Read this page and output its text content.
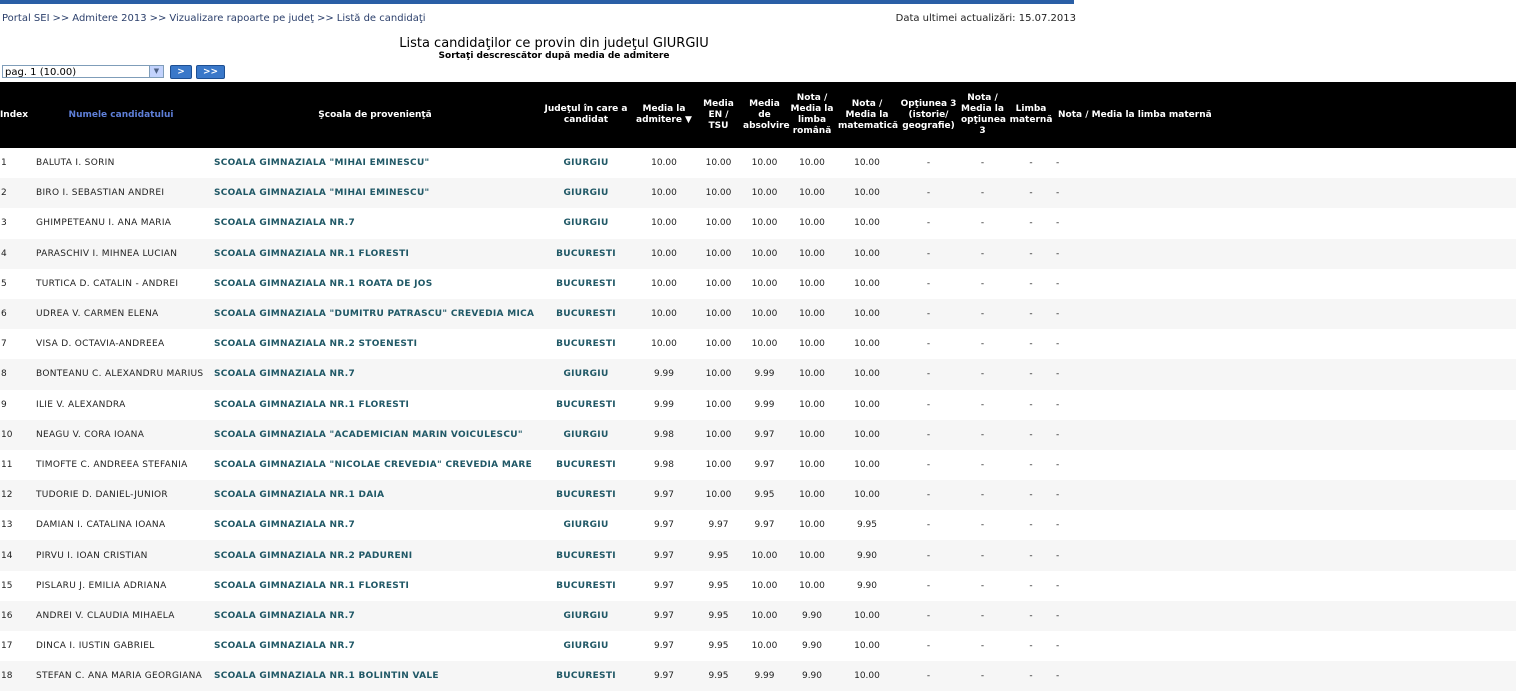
Portal SEI >> Admitere 2013 >> Vizualizare rapoarte pe judeţ >> Listă de candidaţi	Data ultimei actualizări: 15.07.2013
Lista candidaţilor ce provin din judeţul GIURGIU
Sortaţi descrescător după media de admitere
pag. 1 (10.00)	▼	>	>>
Index	Numele candidatului	Şcoala de provenienţă	Judeţul în care a candidat	Media la admitere ▼	Media EN / TSU	Media de absolvire	Nota / Media la limba română	Nota / Media la matematică	Opţiunea 3 (istorie/ geografie)	Nota / Media la opţiunea 3	Limba maternă	Nota / Media la limba maternă
1	BALUTA I. SORIN	SCOALA GIMNAZIALA "MIHAI EMINESCU"	GIURGIU	10.00	10.00	10.00	10.00	10.00	-	-	-	-
2	BIRO I. SEBASTIAN ANDREI	SCOALA GIMNAZIALA "MIHAI EMINESCU"	GIURGIU	10.00	10.00	10.00	10.00	10.00	-	-	-	-
3	GHIMPETEANU I. ANA MARIA	SCOALA GIMNAZIALA NR.7	GIURGIU	10.00	10.00	10.00	10.00	10.00	-	-	-	-
4	PARASCHIV I. MIHNEA LUCIAN	SCOALA GIMNAZIALA NR.1 FLORESTI	BUCURESTI	10.00	10.00	10.00	10.00	10.00	-	-	-	-
5	TURTICA D. CATALIN - ANDREI	SCOALA GIMNAZIALA NR.1 ROATA DE JOS	BUCURESTI	10.00	10.00	10.00	10.00	10.00	-	-	-	-
6	UDREA V. CARMEN ELENA	SCOALA GIMNAZIALA "DUMITRU PATRASCU" CREVEDIA MICA	BUCURESTI	10.00	10.00	10.00	10.00	10.00	-	-	-	-
7	VISA D. OCTAVIA-ANDREEA	SCOALA GIMNAZIALA NR.2 STOENESTI	BUCURESTI	10.00	10.00	10.00	10.00	10.00	-	-	-	-
8	BONTEANU C. ALEXANDRU MARIUS	SCOALA GIMNAZIALA NR.7	GIURGIU	9.99	10.00	9.99	10.00	10.00	-	-	-	-
9	ILIE V. ALEXANDRA	SCOALA GIMNAZIALA NR.1 FLORESTI	BUCURESTI	9.99	10.00	9.99	10.00	10.00	-	-	-	-
10	NEAGU V. CORA IOANA	SCOALA GIMNAZIALA "ACADEMICIAN MARIN VOICULESCU"	GIURGIU	9.98	10.00	9.97	10.00	10.00	-	-	-	-
11	TIMOFTE C. ANDREEA STEFANIA	SCOALA GIMNAZIALA "NICOLAE CREVEDIA" CREVEDIA MARE	BUCURESTI	9.98	10.00	9.97	10.00	10.00	-	-	-	-
12	TUDORIE D. DANIEL-JUNIOR	SCOALA GIMNAZIALA NR.1 DAIA	BUCURESTI	9.97	10.00	9.95	10.00	10.00	-	-	-	-
13	DAMIAN I. CATALINA IOANA	SCOALA GIMNAZIALA NR.7	GIURGIU	9.97	9.97	9.97	10.00	9.95	-	-	-	-
14	PIRVU I. IOAN CRISTIAN	SCOALA GIMNAZIALA NR.2 PADURENI	BUCURESTI	9.97	9.95	10.00	10.00	9.90	-	-	-	-
15	PISLARU J. EMILIA ADRIANA	SCOALA GIMNAZIALA NR.1 FLORESTI	BUCURESTI	9.97	9.95	10.00	10.00	9.90	-	-	-	-
16	ANDREI V. CLAUDIA MIHAELA	SCOALA GIMNAZIALA NR.7	GIURGIU	9.97	9.95	10.00	9.90	10.00	-	-	-	-
17	DINCA I. IUSTIN GABRIEL	SCOALA GIMNAZIALA NR.7	GIURGIU	9.97	9.95	10.00	9.90	10.00	-	-	-	-
18	STEFAN C. ANA MARIA GEORGIANA	SCOALA GIMNAZIALA NR.1 BOLINTIN VALE	BUCURESTI	9.97	9.95	9.99	9.90	10.00	-	-	-	-
